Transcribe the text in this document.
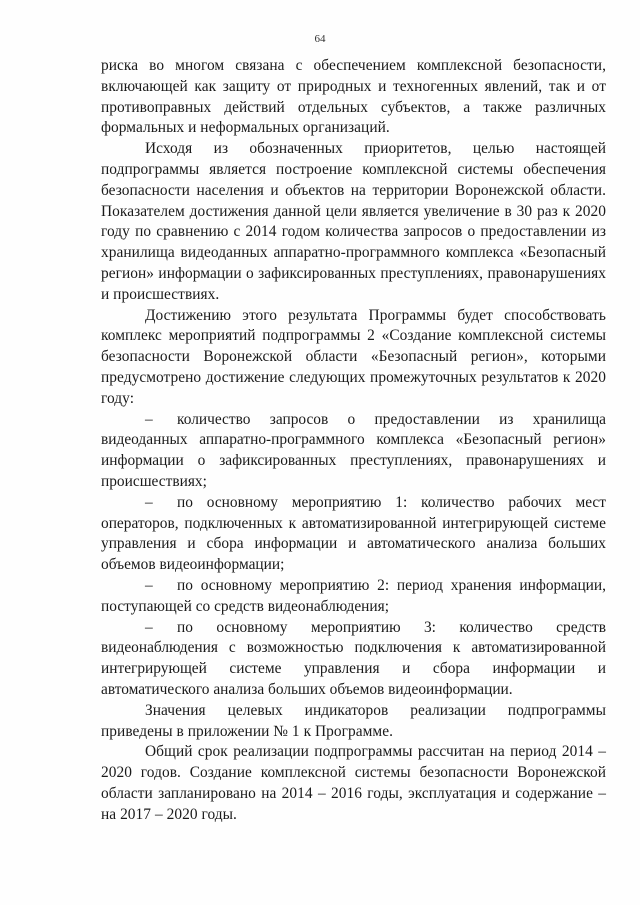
64

риска во многом связана с обеспечением комплексной безопасности, включающей как защиту от природных и техногенных явлений, так и от противоправных действий отдельных субъектов, а также различных формальных и неформальных организаций.

Исходя из обозначенных приоритетов, целью настоящей подпрограммы является построение комплексной системы обеспечения безопасности населения и объектов на территории Воронежской области. Показателем достижения данной цели является увеличение в 30 раз к 2020 году по сравнению с 2014 годом количества запросов о предоставлении из хранилища видеоданных аппаратно-программного комплекса «Безопасный регион» информации о зафиксированных преступлениях, правонарушениях и происшествиях.

Достижению этого результата Программы будет способствовать комплекс мероприятий подпрограммы 2 «Создание комплексной системы безопасности Воронежской области «Безопасный регион», которыми предусмотрено достижение следующих промежуточных результатов к 2020 году:

– количество запросов о предоставлении из хранилища видеоданных аппаратно-программного комплекса «Безопасный регион» информации о зафиксированных преступлениях, правонарушениях и происшествиях;

– по основному мероприятию 1: количество рабочих мест операторов, подключенных к автоматизированной интегрирующей системе управления и сбора информации и автоматического анализа больших объемов видеоинформации;

– по основному мероприятию 2: период хранения информации, поступающей со средств видеонаблюдения;

– по основному мероприятию 3: количество средств видеонаблюдения с возможностью подключения к автоматизированной интегрирующей системе управления и сбора информации и автоматического анализа больших объемов видеоинформации.

Значения целевых индикаторов реализации подпрограммы приведены в приложении № 1 к Программе.

Общий срок реализации подпрограммы рассчитан на период 2014 – 2020 годов. Создание комплексной системы безопасности Воронежской области запланировано на 2014 – 2016 годы, эксплуатация и содержание – на 2017 – 2020 годы.
